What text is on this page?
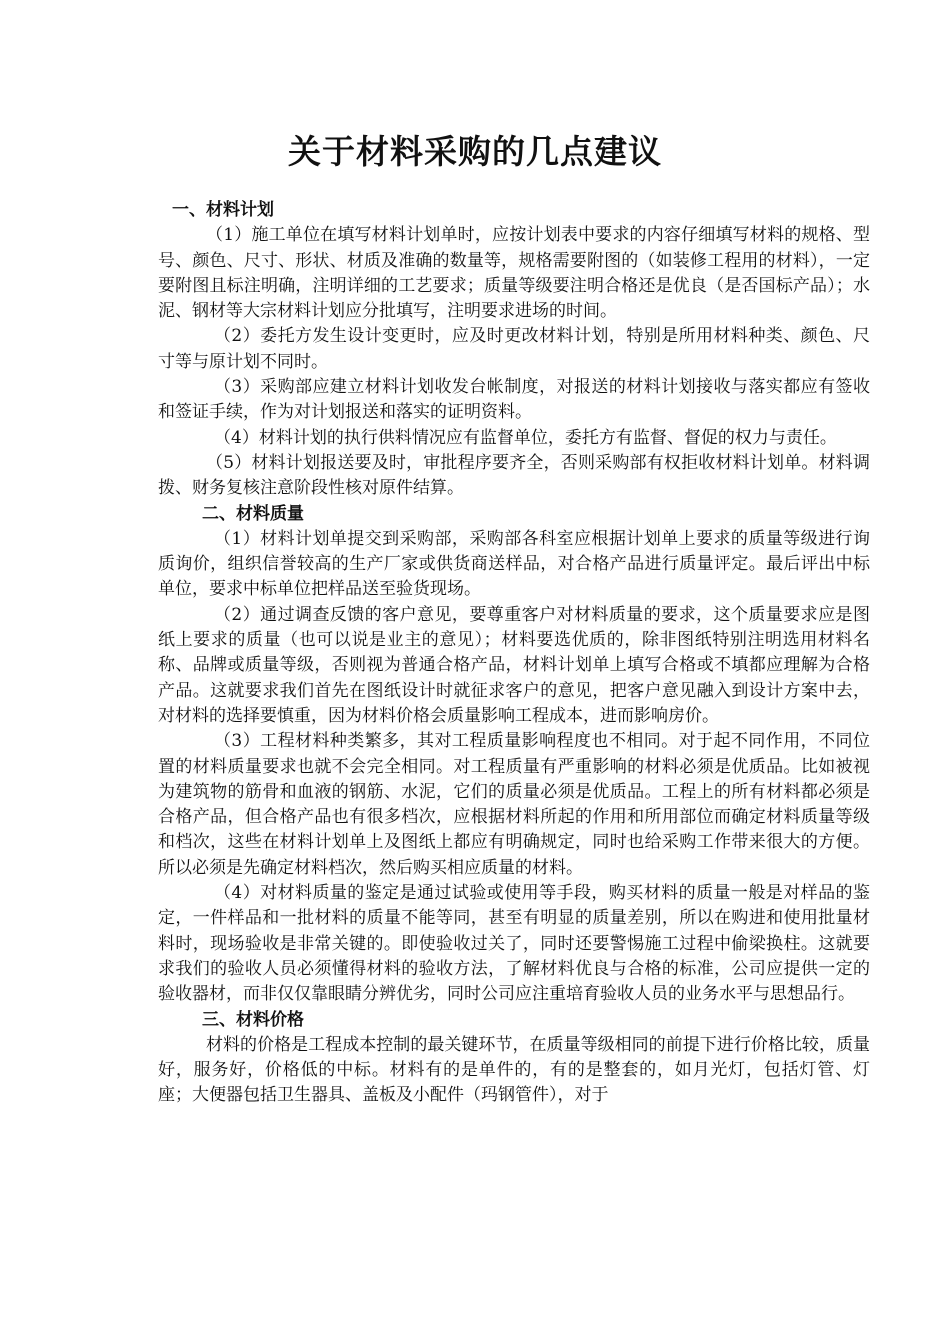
关于材料采购的几点建议

一、材料计划

（1）施工单位在填写材料计划单时，应按计划表中要求的内容仔细填写材料的规格、型号、颜色、尺寸、形状、材质及准确的数量等，规格需要附图的（如装修工程用的材料），一定要附图且标注明确，注明详细的工艺要求；质量等级要注明合格还是优良（是否国标产品）；水泥、钢材等大宗材料计划应分批填写，注明要求进场的时间。

（2）委托方发生设计变更时，应及时更改材料计划，特别是所用材料种类、颜色、尺寸等与原计划不同时。

（3）采购部应建立材料计划收发台帐制度，对报送的材料计划接收与落实都应有签收和签证手续，作为对计划报送和落实的证明资料。

（4）材料计划的执行供料情况应有监督单位，委托方有监督、督促的权力与责任。

（5）材料计划报送要及时，审批程序要齐全，否则采购部有权拒收材料计划单。材料调拨、财务复核注意阶段性核对原件结算。

二、材料质量

（1）材料计划单提交到采购部，采购部各科室应根据计划单上要求的质量等级进行询质询价，组织信誉较高的生产厂家或供货商送样品，对合格产品进行质量评定。最后评出中标单位，要求中标单位把样品送至验货现场。

（2）通过调查反馈的客户意见，要尊重客户对材料质量的要求，这个质量要求应是图纸上要求的质量（也可以说是业主的意见）；材料要选优质的，除非图纸特别注明选用材料名称、品牌或质量等级，否则视为普通合格产品，材料计划单上填写合格或不填都应理解为合格产品。这就要求我们首先在图纸设计时就征求客户的意见，把客户意见融入到设计方案中去，对材料的选择要慎重，因为材料价格会质量影响工程成本，进而影响房价。

（3）工程材料种类繁多，其对工程质量影响程度也不相同。对于起不同作用，不同位置的材料质量要求也就不会完全相同。对工程质量有严重影响的材料必须是优质品。比如被视为建筑物的筋骨和血液的钢筋、水泥，它们的质量必须是优质品。工程上的所有材料都必须是合格产品，但合格产品也有很多档次，应根据材料所起的作用和所用部位而确定材料质量等级和档次，这些在材料计划单上及图纸上都应有明确规定，同时也给采购工作带来很大的方便。所以必须是先确定材料档次，然后购买相应质量的材料。

（4）对材料质量的鉴定是通过试验或使用等手段，购买材料的质量一般是对样品的鉴定，一件样品和一批材料的质量不能等同，甚至有明显的质量差别，所以在购进和使用批量材料时，现场验收是非常关键的。即使验收过关了，同时还要警惕施工过程中偷梁换柱。这就要求我们的验收人员必须懂得材料的验收方法，了解材料优良与合格的标准，公司应提供一定的验收器材，而非仅仅靠眼睛分辨优劣，同时公司应注重培育验收人员的业务水平与思想品行。

三、材料价格

材料的价格是工程成本控制的最关键环节，在质量等级相同的前提下进行价格比较，质量好，服务好，价格低的中标。材料有的是单件的，有的是整套的，如月光灯，包括灯管、灯座；大便器包括卫生器具、盖板及小配件（玛钢管件），对于
